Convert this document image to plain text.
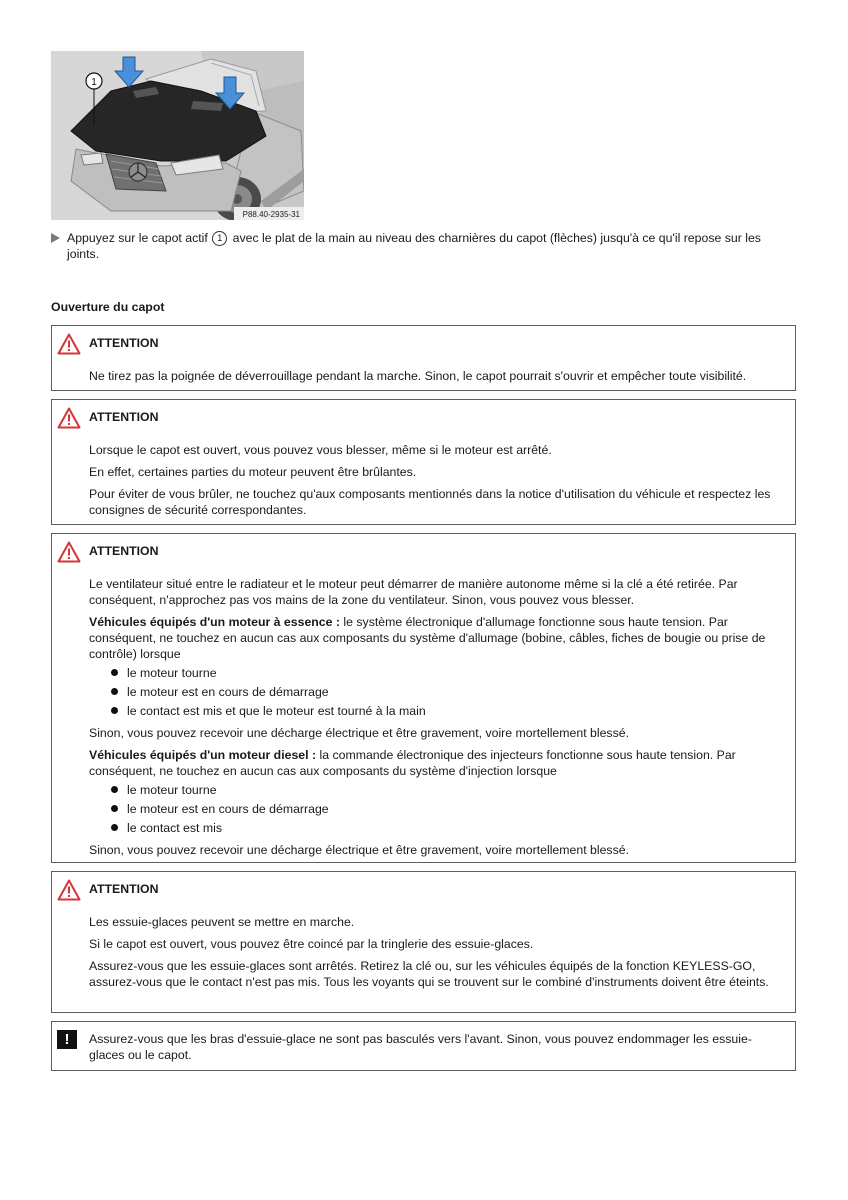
1
P88.40-2935-31

Appuyez sur le capot actif 1 avec le plat de la main au niveau des charnières du capot (flèches) jusqu'à ce qu'il repose sur les joints.

Ouverture du capot
ATTENTION

Ne tirez pas la poignée de déverrouillage pendant la marche. Sinon, le capot pourrait s'ouvrir et empêcher toute visibilité.

ATTENTION

Lorsque le capot est ouvert, vous pouvez vous blesser, même si le moteur est arrêté.

En effet, certaines parties du moteur peuvent être brûlantes.

Pour éviter de vous brûler, ne touchez qu'aux composants mentionnés dans la notice d'utilisation du véhicule et respectez les consignes de sécurité correspondantes.

ATTENTION

Le ventilateur situé entre le radiateur et le moteur peut démarrer de manière autonome même si la clé a été retirée. Par conséquent, n'approchez pas vos mains de la zone du ventilateur. Sinon, vous pouvez vous blesser.

Véhicules équipés d'un moteur à essence : le système électronique d'allumage fonctionne sous haute tension. Par conséquent, ne touchez en aucun cas aux composants du système d'allumage (bobine, câbles, fiches de bougie ou prise de contrôle) lorsque

le moteur tourne
le moteur est en cours de démarrage
le contact est mis et que le moteur est tourné à la main

Sinon, vous pouvez recevoir une décharge électrique et être gravement, voire mortellement blessé.

Véhicules équipés d'un moteur diesel : la commande électronique des injecteurs fonctionne sous haute tension. Par conséquent, ne touchez en aucun cas aux composants du système d'injection lorsque

le moteur tourne
le moteur est en cours de démarrage
le contact est mis

Sinon, vous pouvez recevoir une décharge électrique et être gravement, voire mortellement blessé.

ATTENTION

Les essuie-glaces peuvent se mettre en marche.

Si le capot est ouvert, vous pouvez être coincé par la tringlerie des essuie-glaces.

Assurez-vous que les essuie-glaces sont arrêtés. Retirez la clé ou, sur les véhicules équipés de la fonction KEYLESS-GO, assurez-vous que le contact n'est pas mis. Tous les voyants qui se trouvent sur le combiné d'instruments doivent être éteints.

!	Assurez-vous que les bras d'essuie-glace ne sont pas basculés vers l'avant. Sinon, vous pouvez endommager les essuie-glaces ou le capot.
